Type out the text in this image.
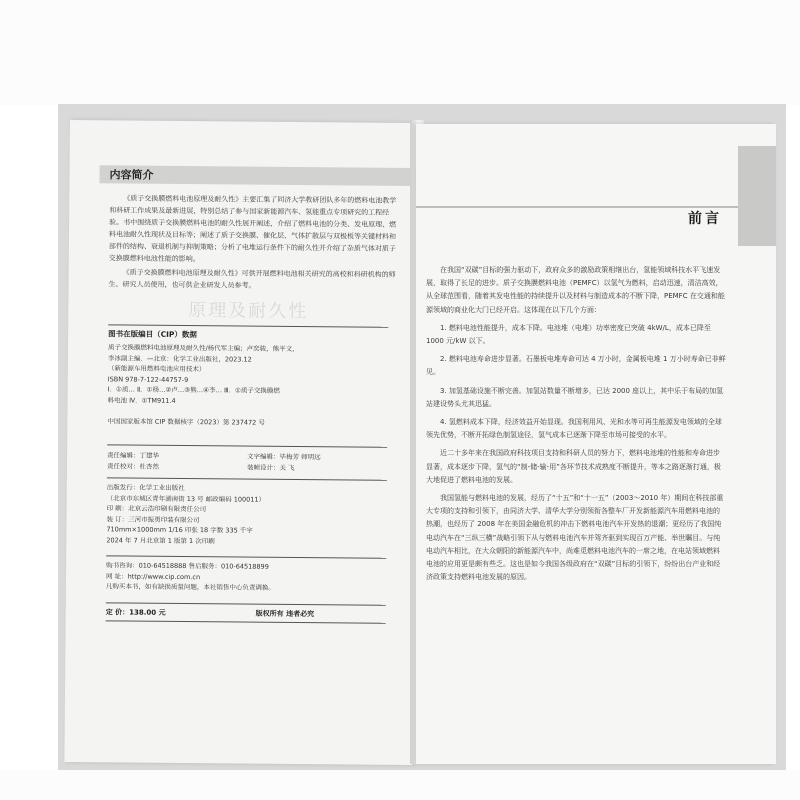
内容简介

《质子交换膜燃料电池原理及耐久性》主要汇集了同济大学教研团队多年的燃料电池教学和科研工作成果及最新进展，特别总结了参与国家新能源汽车、氢能重点专项研究的工程经验。书中围绕质子交换膜燃料电池的耐久性展开阐述，介绍了燃料电池的分类、发电原理、燃料电池耐久性现状及目标等；阐述了质子交换膜、催化层、气体扩散层与双极板等关键材料和部件的结构、衰退机制与抑制策略；分析了电堆运行条件下的耐久性并介绍了杂质气体对质子交换膜燃料电池性能的影响。

《质子交换膜燃料电池原理及耐久性》可供开展燃料电池相关研究的高校和科研机构的师生、研究人员使用，也可供企业研发人员参考。

原理及耐久性
图书在版编目（CIP）数据
质子交换膜燃料电池原理及耐久性/杨代军主编；卢奕骏，熊平文，
李冰副主编．—北京：化学工业出版社，2023.12
（新能源车用燃料电池应用技术）
ISBN 978-7-122-44757-9
Ⅰ．①质… Ⅱ．①杨…②卢…③熊…④李… Ⅲ．①质子交换膜燃
料电池 Ⅳ．①TM911.4
中国国家版本馆 CIP 数据核字（2023）第 237472 号
责任编辑：丁建华	文字编辑：毕梅芳 师明远
责任校对：杜杏然	装帧设计：关 飞
出版发行：化学工业出版社
（北京市东城区青年湖南街 13 号 邮政编码 100011）
印 刷：北京云浩印刷有限责任公司
装 订：三河市振勇印装有限公司
710mm×1000mm 1/16 印张 18 字数 335 千字
2024 年 7 月北京第 1 版第 1 次印刷
购书咨询：010-64518888 售后服务：010-64518899
网 址：http://www.cip.com.cn
凡购买本书，如有缺损质量问题，本社销售中心负责调换。
定 价：138.00 元	版权所有 违者必究
前言

在我国“双碳”目标的强力驱动下，政府众多的激励政策相继出台，氢能领域科技水平飞速发展，取得了长足的进步。质子交换膜燃料电池（PEMFC）以氢气为燃料，启动迅速，清洁高效，从全球范围看，随着其发电性能的持续提升以及材料与制造成本的不断下降，PEMFC 在交通和能源领域的商业化大门已经开启。这体现在以下几个方面：

1. 燃料电池性能提升，成本下降。电池堆（电堆）功率密度已突破 4kW/L，成本已降至 1000 元/kW 以下。

2. 燃料电池寿命进步显著。石墨板电堆寿命可达 4 万小时，金属板电堆 1 万小时寿命已非鲜见。

3. 加氢基础设施不断完善。加氢站数量不断增多，已达 2000 座以上，其中乐于布局的加氢站建设势头尤其迅猛。

4. 氢燃料成本下降，经济效益开始显现。我国利用风、光和水等可再生能源发电领域的全球领先优势，不断开拓绿色制氢途径，氢气成本已逐渐下降至市场可接受的水平。

近二十多年来在我国政府科技项目支持和科研人员的努力下，燃料电池堆的性能和寿命进步显著，成本逐步下降，氢气的“制-储-输-用”各环节技术成熟度不断提升，等本之路逐渐打通，极大地促进了燃料电池的发展。

我国氢能与燃料电池的发展，经历了“十五”和“十一五”（2003～2010 年）期间在科技部重大专项的支持和引领下，由同济大学、清华大学分别领衔各整车厂开发新能源汽车用燃料电池的热潮，也经历了 2008 年在美国金融危机的冲击下燃料电池汽车开发热的退潮；更经历了我国纯电动汽车在“三纵三横”战略引领下从与燃料电池汽车并驾齐驱到实现百万产能、举世瞩目。与纯电动汽车相比，在大众朝阳的新能源汽车中，尚难觅燃料电池汽车的一席之地，在电站领域燃料电池的应用更是颇有些乏。这也是如今我国各级政府在“双碳”目标的引领下，纷纷出台产业和经济政策支持燃料电池发展的原因。
